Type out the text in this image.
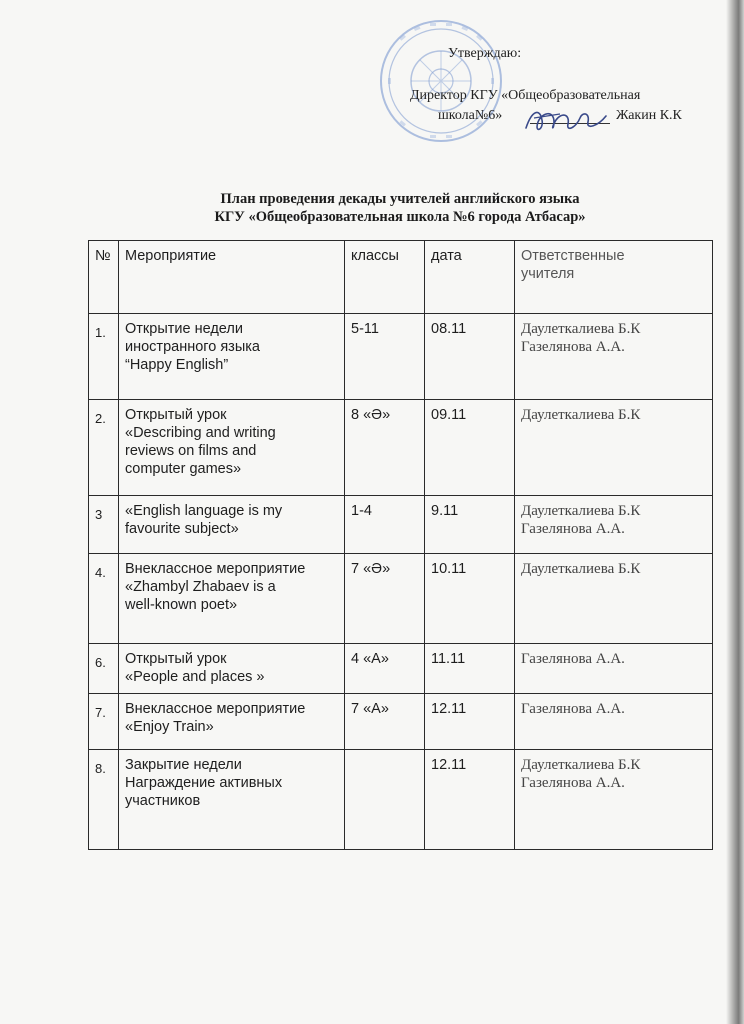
Утверждаю:
Директор КГУ «Общеобразовательная
школа№6»	Жакин К.К
План проведения декады учителей английского языка
КГУ «Общеобразовательная школа №6 города Атбасар»
№	Мероприятие	классы	дата	Ответственные
учителя
1.	Открытие недели
иностранного языка
“Happy English”	5-11	08.11	Даулеткалиева Б.К
Газелянова А.А.
2.	Открытый урок
«Describing and writing
reviews on films and
computer games»	8 «Ә»	09.11	Даулеткалиева Б.К
3	«English language is my
favourite subject»	1-4	9.11	Даулеткалиева Б.К
Газелянова А.А.
4.	Внеклассное мероприятие
«Zhambyl Zhabaev is a
well-known poet»	7 «Ә»	10.11	Даулеткалиева Б.К
6.	Открытый урок
«People and places »	4 «А»	11.11	Газелянова А.А.
7.	Внеклассное мероприятие
«Enjoy Train»	7 «А»	12.11	Газелянова А.А.
8.	Закрытие недели
Награждение активных
участников		12.11	Даулеткалиева Б.К
Газелянова А.А.
